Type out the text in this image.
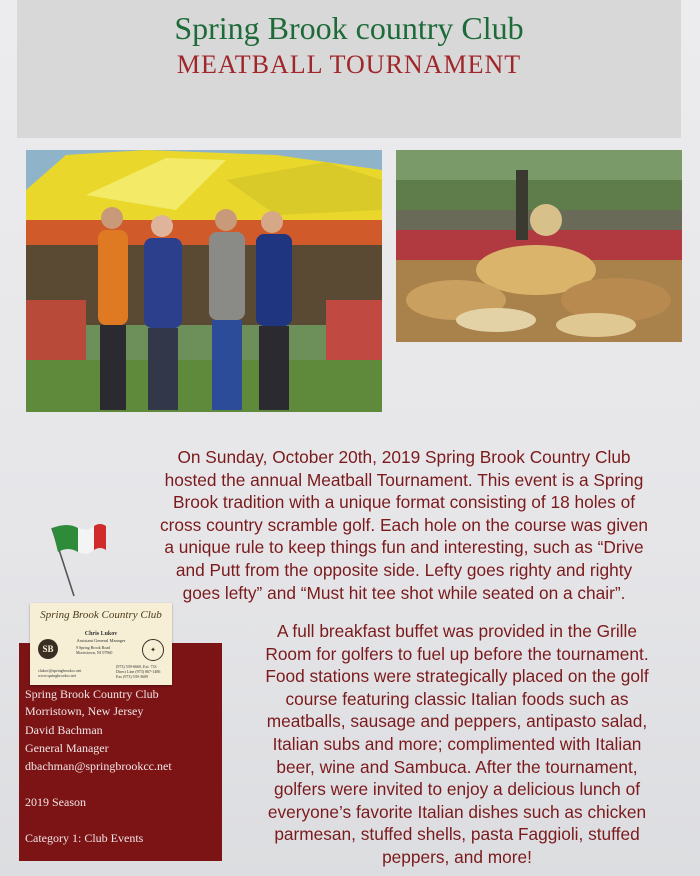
Spring Brook country Club
MEATBALL TOURNAMENT
On Sunday, October 20th, 2019 Spring Brook Country Club
hosted the annual Meatball Tournament. This event is a Spring
Brook tradition with a unique format consisting of 18 holes of
cross country scramble golf. Each hole on the course was given
a unique rule to keep things fun and interesting, such as “Drive
and Putt from the opposite side. Lefty goes righty and righty
goes lefty” and “Must hit tee shot while seated on a chair”.
A full breakfast buffet was provided in the Grille
Room for golfers to fuel up before the tournament.
Food stations were strategically placed on the golf
course featuring classic Italian foods such as
meatballs, sausage and peppers, antipasto salad,
Italian subs and more; complimented with Italian
beer, wine and Sambuca. After the tournament,
golfers were invited to enjoy a delicious lunch of
everyone’s favorite Italian dishes such as chicken
parmesan, stuffed shells, pasta Faggioli, stuffed
peppers, and more!
Spring Brook Country Club
Morristown, New Jersey
David Bachman
General Manager
dbachman@springbrookcc.net
2019 Season
Category 1: Club Events
Spring Brook Country Club
SB	✦
Chris Lukov
Assistant General Manager
9 Spring Brook Road
Morristown, NJ 07960
clukov@springbrookcc.net
www.springbrookcc.net
(973) 539-6660, Ext. 733
Direct Line (973) 867-1486
Fax (973) 539-3609
